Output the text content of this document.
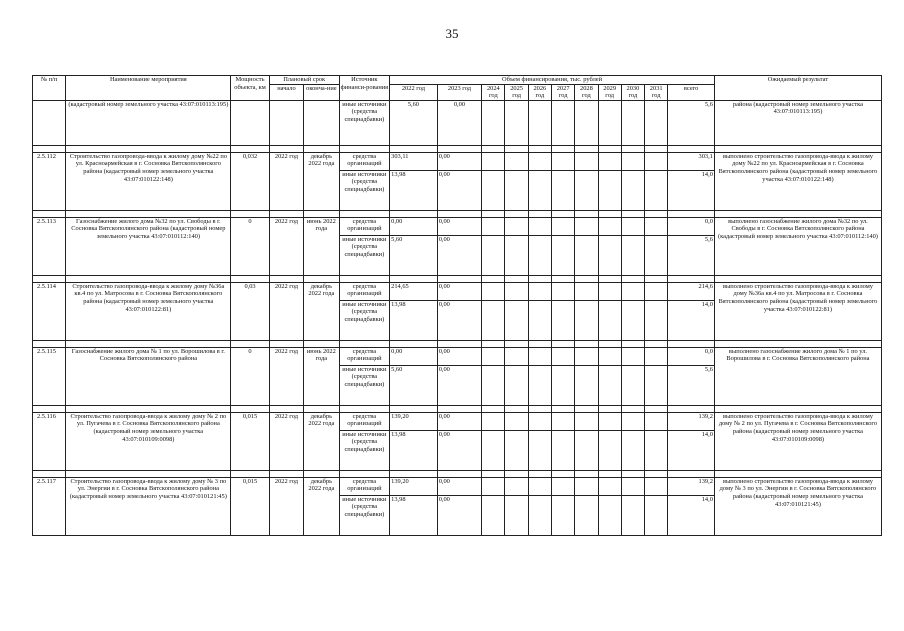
35
№ п/п	Наименование мероприятия	Мощность объекта, км	Плановый срок		Источник финанси-рования	Объем финансирования, тыс. рублей											Ожидаемый результат
			начало	оконча-ние		2022 год	2023 год	2024 год	2025 год	2026 год	2027 год	2028 год	2029 год	2030 год	2031 год	всего	
	(кадастровый номер земельного участка 43:07:010113:195)				иные источники (средства спецнадбавки)	5,60	0,00									5,6	района (кадастровый номер земельного участка 43:07:010113:195)

2.5.112	Строительство газопровода-ввода к жилому дому №22 по ул. Красноармейская в г. Сосновка Вятскополянского района (кадастровый номер земельного участка 43:07:010122:148)	0,032	2022 год	декабрь 2022 года	средства организаций	303,11	0,00									303,1	выполнено строительство газопровода-ввода к жилому дому №22 по ул. Красноармейская в г. Сосновка Вятскополянского района (кадастровый номер земельного участка 43:07:010122:148)
					иные источники (средства спецнадбавки)	13,98	0,00									14,0	

2.5.113	Газоснабжение жилого дома №32 по ул. Свободы в г. Сосновка Вятскополянского района (кадастровый номер земельного участка 43:07:010112:140)	0	2022 год	июнь 2022 года	средства организаций	0,00	0,00									0,0	выполнено газоснабжение жилого дома №32 по ул. Свободы в г. Сосновка Вятскополянского района (кадастровый номер земельного участка 43:07:010112:140)
					иные источники (средства спецнадбавки)	5,60	0,00									5,6	

2.5.114	Строительство газопровода-ввода к жилому дому №36а кв.4 по ул. Матросова в г. Сосновка Вятскополянского района (кадастровый номер земельного участка 43:07:010122:81)	0,03	2022 год	декабрь 2022 года	средства организаций	214,65	0,00									214,6	выполнено строительство газопровода-ввода к жилому дому №36а кв.4 по ул. Матросова в г. Сосновка Вятскополянского района (кадастровый номер земельного участка 43:07:010122:81)
					иные источники (средства спецнадбавки)	13,98	0,00									14,0	

2.5.115	Газоснабжение жилого дома № 1 по ул. Ворошилова в г. Сосновка Вятскополянского района	0	2022 год	июнь 2022 года	средства организаций	0,00	0,00									0,0	выполнено газоснабжение жилого дома № 1 по ул. Ворошилова в г. Сосновка Вятскополянского района
					иные источники (средства спецнадбавки)	5,60	0,00									5,6	

2.5.116	Строительство газопровода-ввода к жилому дому № 2 по ул. Пугачева в г. Сосновка Вятскополянского района (кадастровый номер земельного участка 43:07:010109:0098)	0,015	2022 год	декабрь 2022 года	средства организаций	139,20	0,00									139,2	выполнено строительство газопровода-ввода к жилому дому № 2 по ул. Пугачева в г. Сосновка Вятскополянского района (кадастровый номер земельного участка 43:07:010109:0098)
					иные источники (средства спецнадбавки)	13,98	0,00									14,0	

2.5.117	Строительство газопровода-ввода к жилому дому № 3 по ул. Энергии в г. Сосновка Вятскополянского района (кадастровый номер земельного участка 43:07:010121:45)	0,015	2022 год	декабрь 2022 года	средства организаций	139,20	0,00									139,2	выполнено строительство газопровода-ввода к жилому дому № 3 по ул. Энергии в г. Сосновка Вятскополянского района (кадастровый номер земельного участка 43:07:010121:45)
					иные источники (средства спецнадбавки)	13,98	0,00									14,0	
